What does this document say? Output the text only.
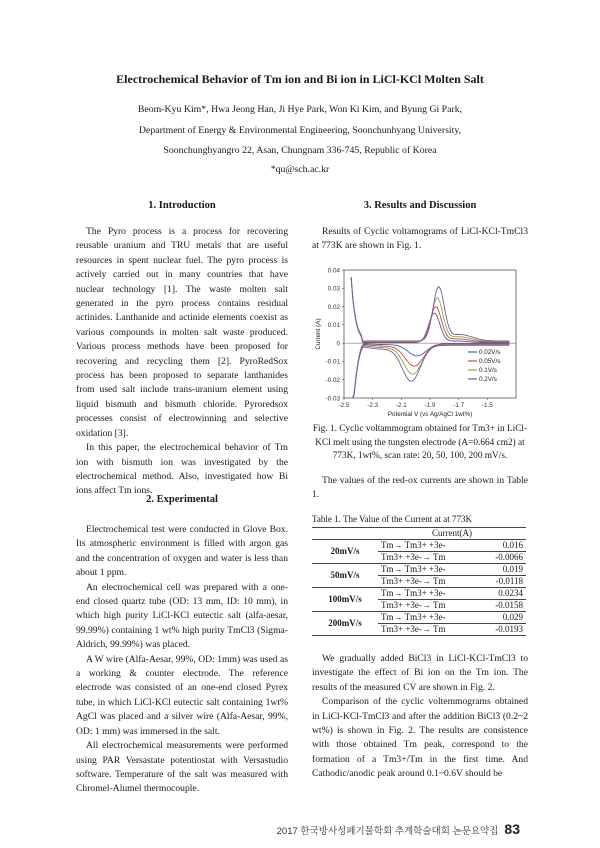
Electrochemical Behavior of Tm ion and Bi ion in LiCl-KCl Molten Salt
Beom-Kyu Kim*, Hwa Jeong Han, Ji Hye Park, Won Ki Kim, and Byung Gi Park,
Department of Energy & Environmental Engineering, Soonchunhyang University,
Soonchunghyangro 22, Asan, Chungnam 336-745, Republic of Korea
*qu@sch.ac.kr
1. Introduction

The Pyro process is a process for recovering reusable uranium and TRU metals that are useful resources in spent nuclear fuel. The pyro process is actively carried out in many countries that have nuclear technology [1]. The waste molten salt generated in the pyro process contains residual actinides. Lanthanide and actinide elements coexist as various compounds in molten salt waste produced. Various process methods have been proposed for recovering and recycling them [2]. PyroRedSox process has been proposed to separate lanthanides from used salt include trans-uranium element using liquid bismuth and bismuth chloride. Pyroredsox processes consist of electrowinning and selective oxidation [3].

In this paper, the electrochemical behavior of Tm ion with bismuth ion was investigated by the electrochemical method. Also, investigated how Bi ions affect Tm ions.

2. Experimental

Electrochemical test were conducted in Glove Box. Its atmospheric environment is filled with argon gas and the concentration of oxygen and water is less than about 1 ppm.

An electrochemical cell was prepared with a one-end closed quartz tube (OD: 13 mm, ID: 10 mm), in which high purity LiCl-KCl eutectic salt (alfa-aesar, 99.99%) containing 1 wt% high purity TmCl3 (Sigma-Aldrich, 99.99%) was placed.

A W wire (Alfa-Aesar, 99%, OD: 1mm) was used as a working & counter electrode. The reference electrode was consisted of an one-end closed Pyrex tube, in which LiCl-KCl eutectic salt containing 1wt% AgCl was placed and a silver wire (Alfa-Aesar, 99%, OD: 1 mm) was immersed in the salt.

All electrochemical measurements were performed using PAR Versastate potentiostat with Versastudio software. Temperature of the salt was measured with Chromel-Alumel thermocouple.

3. Results and Discussion

Results of Cyclic voltamograms of LiCl-KCl-TmCl3 at 773K are shown in Fig. 1.

0.04
0.03
0.02
0.01
0
-0.01
-0.02
-0.03
-2.5	-2.3	-2.1	-1.9	-1.7	-1.5
Potential V (vs Ag/AgCl 1wt%)
Current (A)
0.02V/s
0.05V/s
0.1V/s
0.2V/s
Fig. 1. Cyclic voltammogram obtained for Tm3+ in LiCl-KCl melt using the tungsten electrode (A=0.664 cm2) at 773K, 1wt%, scan rate: 20, 50, 100, 200 mV/s.

The values of the red-ox currents are shown in Table 1.

Table 1. The Value of the Current at at 773K
	Current(A)	
20mV/s	Tm→ Tm3+ +3e-	0.016
	Tm3+ +3e-→ Tm	-0.0066
50mV/s	Tm→ Tm3+ +3e-	0.019
	Tm3+ +3e-→ Tm	-0.0118
100mV/s	Tm→ Tm3+ +3e-	0.0234
	Tm3+ +3e-→ Tm	-0.0158
200mV/s	Tm→ Tm3+ +3e-	0.029
	Tm3+ +3e-→ Tm	-0.0193

We gradually added BiCl3 in LiCl-KCl-TmCl3 to investigate the effect of Bi ion on the Tm ion. The results of the measured CV are shown in Fig. 2.

Comparison of the cyclic voltemmograms obtained in LiCl-KCl-TmCl3 and after the addition BiCl3 (0.2~2 wt%) is shown in Fig. 2. The results are consistence with those obtained Tm peak, correspond to the formation of a Tm3+/Tm in the first time. And Cathodic/anodic peak around 0.1~0.6V should be

2017 한국방사성폐기물학회 추계학술대회 논문요약집 83
